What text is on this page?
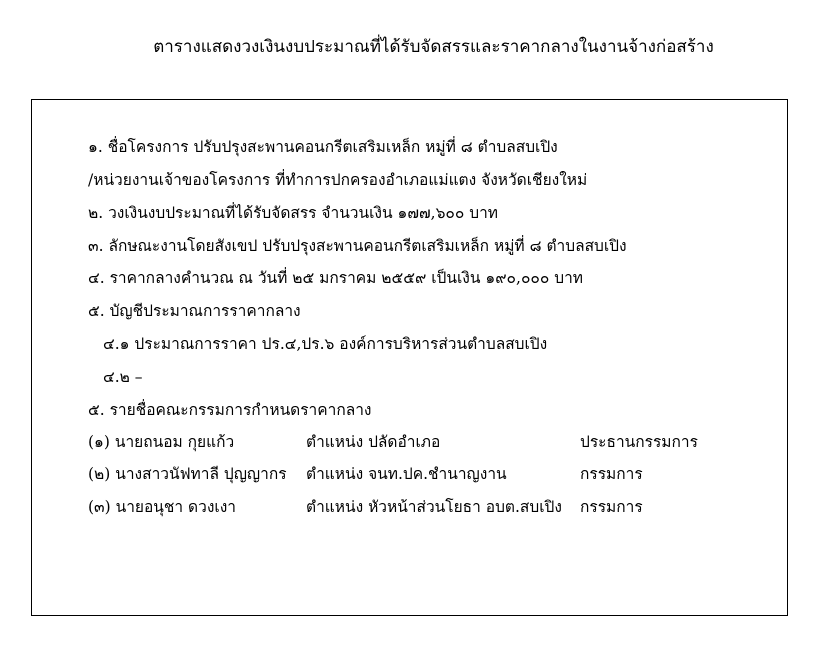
ตารางแสดงวงเงินงบประมาณที่ได้รับจัดสรรและราคากลางในงานจ้างก่อสร้าง
๑. ชื่อโครงการ ปรับปรุงสะพานคอนกรีตเสริมเหล็ก หมู่ที่ ๘ ตำบลสบเปิง
/หน่วยงานเจ้าของโครงการ ที่ทำการปกครองอำเภอแม่แตง จังหวัดเชียงใหม่
๒. วงเงินงบประมาณที่ได้รับจัดสรร จำนวนเงิน ๑๗๗,๖๐๐ บาท
๓. ลักษณะงานโดยสังเขป ปรับปรุงสะพานคอนกรีตเสริมเหล็ก หมู่ที่ ๘ ตำบลสบเปิง
๔. ราคากลางคำนวณ ณ วันที่ ๒๕ มกราคม ๒๕๕๙ เป็นเงิน ๑๙๐,๐๐๐ บาท
๕. บัญชีประมาณการราคากลาง
๔.๑ ประมาณการราคา ปร.๔,ปร.๖ องค์การบริหารส่วนตำบลสบเปิง
๔.๒ –
๕. รายชื่อคณะกรรมการกำหนดราคากลาง
(๑) นายถนอม กุยแก้ว	ตำแหน่ง ปลัดอำเภอ	ประธานกรรมการ
(๒) นางสาวนัฟทาลี ปุญญากร ตำแหน่ง จนท.ปค.ชำนาญงาน	กรรมการ
(๓) นายอนุชา ดวงเงา	ตำแหน่ง หัวหน้าส่วนโยธา อบต.สบเปิง กรรมการ
